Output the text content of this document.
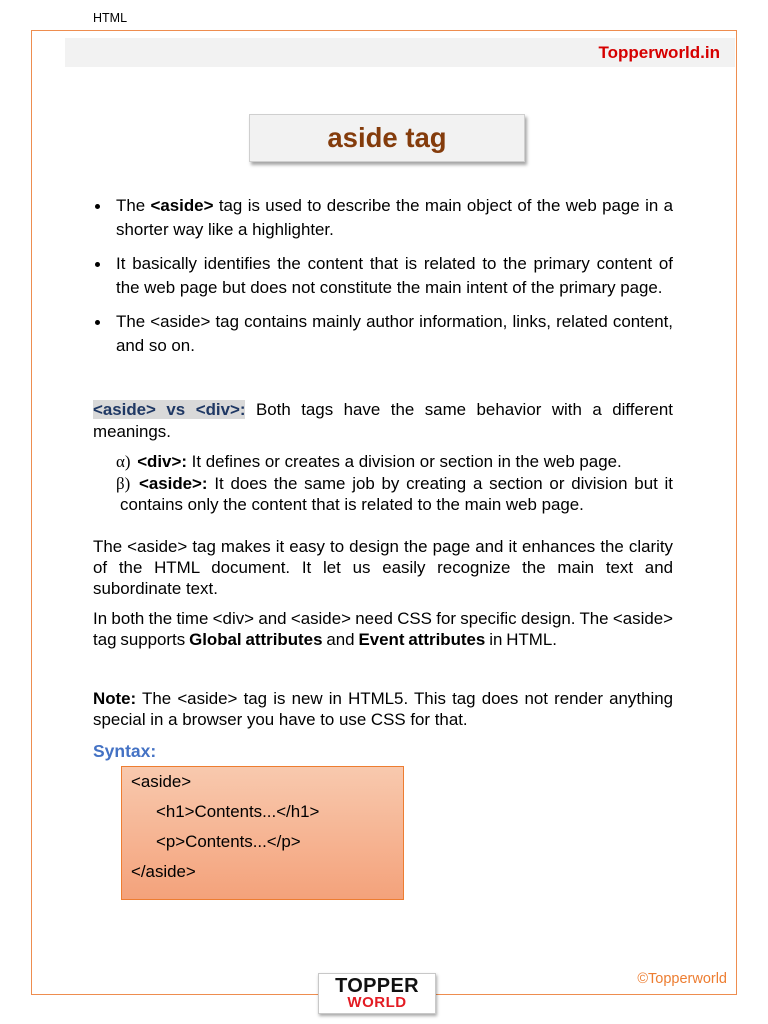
HTML
Topperworld.in
aside tag
The <aside> tag is used to describe the main object of the web page in a shorter way like a highlighter.
It basically identifies the content that is related to the primary content of the web page but does not constitute the main intent of the primary page.
The <aside> tag contains mainly author information, links, related content, and so on.

<aside> vs <div>: Both tags have the same behavior with a different meanings.

α) <div>: It defines or creates a division or section in the web page.
β) <aside>: It does the same job by creating a section or division but it contains only the content that is related to the main web page.

The <aside> tag makes it easy to design the page and it enhances the clarity of the HTML document. It let us easily recognize the main text and subordinate text.

In both the time <div> and <aside> need CSS for specific design. The <aside> tag supports Global attributes and Event attributes in HTML.

Note: The <aside> tag is new in HTML5. This tag does not render anything special in a browser you have to use CSS for that.

Syntax:
<aside>
<h1>Contents...</h1>
<p>Contents...</p>
</aside>
©Topperworld
TOPPER
WORLD
